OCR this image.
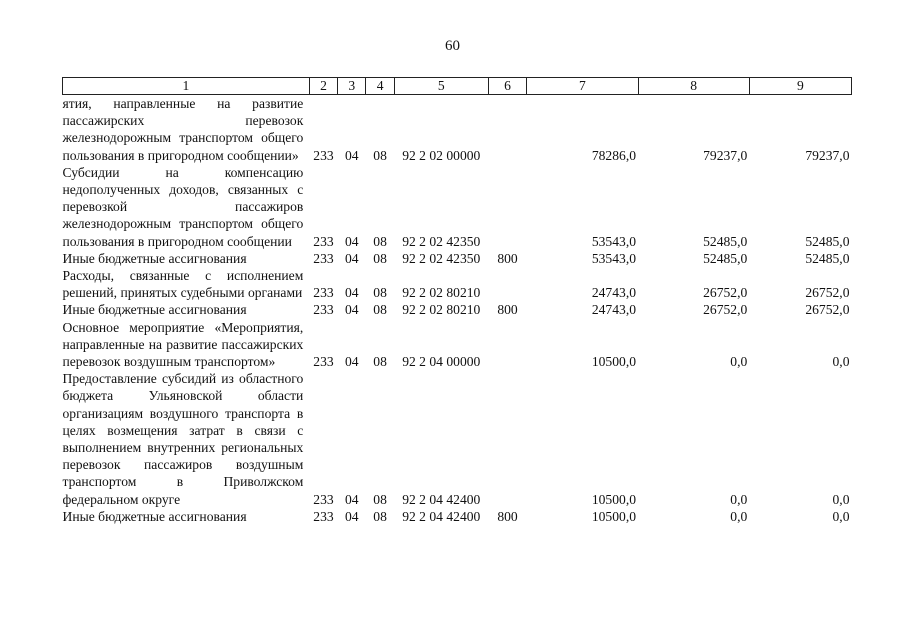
60
1	2	3	4	5	6	7	8	9
ятия, направленные на развитие пассажирских перевозок железнодорожным транспортом общего пользования в пригородном сообщении»	233	04	08	92 2 02 00000		78286,0	79237,0	79237,0
Субсидии на компенсацию недополученных доходов, связанных с перевозкой пассажиров железнодорожным транспортом общего пользования в пригородном сообщении	233	04	08	92 2 02 42350		53543,0	52485,0	52485,0
Иные бюджетные ассигнования	233	04	08	92 2 02 42350	800	53543,0	52485,0	52485,0
Расходы, связанные с исполнением решений, принятых судебными органами	233	04	08	92 2 02 80210		24743,0	26752,0	26752,0
Иные бюджетные ассигнования	233	04	08	92 2 02 80210	800	24743,0	26752,0	26752,0
Основное мероприятие «Мероприятия, направленные на развитие пассажирских перевозок воздушным транспортом»	233	04	08	92 2 04 00000		10500,0	0,0	0,0
Предоставление субсидий из областного бюджета Ульяновской области организациям воздушного транспорта в целях возмещения затрат в связи с выполнением внутренних региональных перевозок пассажиров воздушным транспортом в Приволжском федеральном округе	233	04	08	92 2 04 42400		10500,0	0,0	0,0
Иные бюджетные ассигнования	233	04	08	92 2 04 42400	800	10500,0	0,0	0,0
